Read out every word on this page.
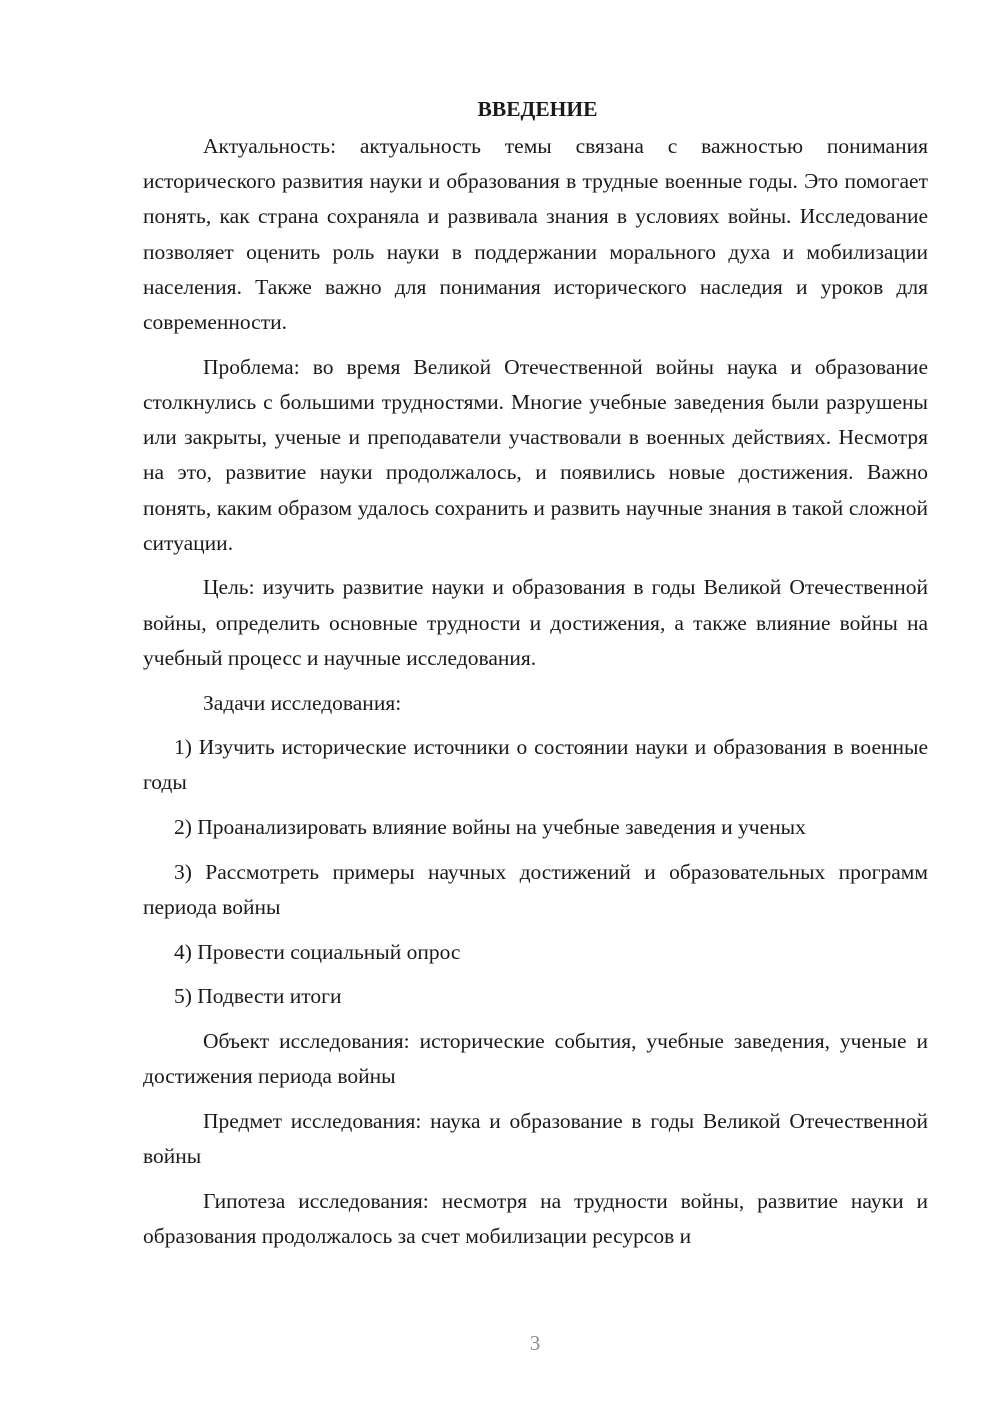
ВВЕДЕНИЕ

Актуальность: актуальность темы связана с важностью понимания исторического развития науки и образования в трудные военные годы. Это помогает понять, как страна сохраняла и развивала знания в условиях войны. Исследование позволяет оценить роль науки в поддержании морального духа и мобилизации населения. Также важно для понимания исторического наследия и уроков для современности.

Проблема: во время Великой Отечественной войны наука и образование столкнулись с большими трудностями. Многие учебные заведения были разрушены или закрыты, ученые и преподаватели участвовали в военных действиях. Несмотря на это, развитие науки продолжалось, и появились новые достижения. Важно понять, каким образом удалось сохранить и развить научные знания в такой сложной ситуации.

Цель: изучить развитие науки и образования в годы Великой Отечественной войны, определить основные трудности и достижения, а также влияние войны на учебный процесс и научные исследования.

Задачи исследования:

1) Изучить исторические источники о состоянии науки и образования в военные годы

2) Проанализировать влияние войны на учебные заведения и ученых

3) Рассмотреть примеры научных достижений и образовательных программ периода войны

4) Провести социальный опрос

5) Подвести итоги

Объект исследования: исторические события, учебные заведения, ученые и достижения периода войны

Предмет исследования: наука и образование в годы Великой Отечественной войны

Гипотеза исследования: несмотря на трудности войны, развитие науки и образования продолжалось за счет мобилизации ресурсов и

3
